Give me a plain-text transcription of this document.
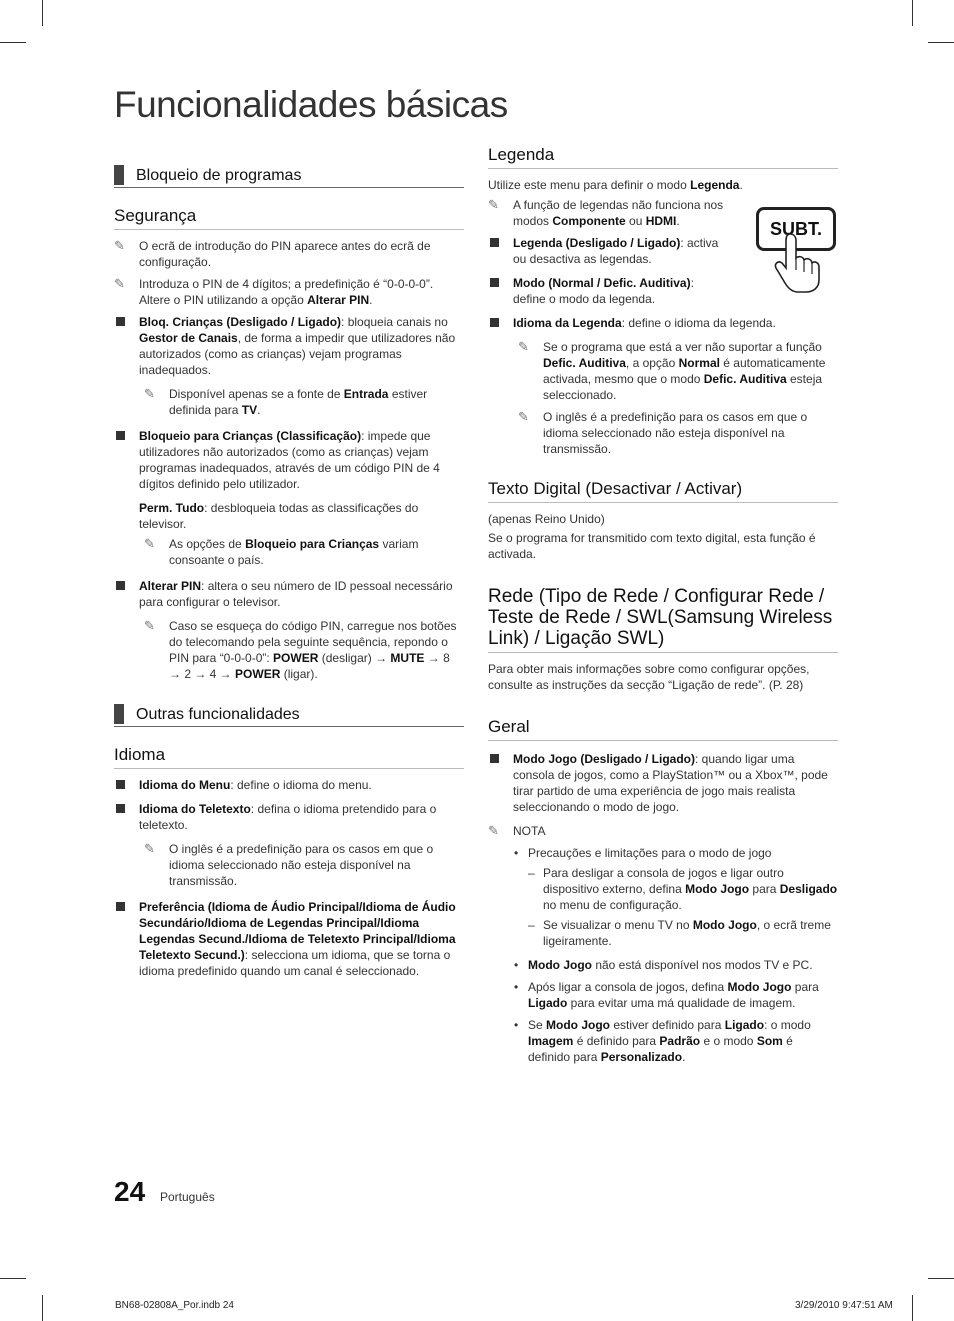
Funcionalidades básicas
Bloqueio de programas
Segurança
✎ O ecrã de introdução do PIN aparece antes do ecrã de configuração.
✎ Introduza o PIN de 4 dígitos; a predefinição é “0-0-0-0”. Altere o PIN utilizando a opção Alterar PIN.
Bloq. Crianças (Desligado / Ligado): bloqueia canais no Gestor de Canais, de forma a impedir que utilizadores não autorizados (como as crianças) vejam programas inadequados.
✎ Disponível apenas se a fonte de Entrada estiver definida para TV.
Bloqueio para Crianças (Classificação): impede que utilizadores não autorizados (como as crianças) vejam programas inadequados, através de um código PIN de 4 dígitos definido pelo utilizador.
Perm. Tudo: desbloqueia todas as classificações do televisor.
✎ As opções de Bloqueio para Crianças variam consoante o país.
Alterar PIN: altera o seu número de ID pessoal necessário para configurar o televisor.
✎ Caso se esqueça do código PIN, carregue nos botões do telecomando pela seguinte sequência, repondo o PIN para “0-0-0-0”: POWER (desligar) → MUTE → 8 → 2 → 4 → POWER (ligar).
Outras funcionalidades
Idioma
Idioma do Menu: define o idioma do menu.
Idioma do Teletexto: defina o idioma pretendido para o teletexto.
✎ O inglês é a predefinição para os casos em que o idioma seleccionado não esteja disponível na transmissão.
Preferência (Idioma de Áudio Principal/Idioma de Áudio Secundário/Idioma de Legendas Principal/Idioma Legendas Secund./Idioma de Teletexto Principal/Idioma Teletexto Secund.): selecciona um idioma, que se torna o idioma predefinido quando um canal é seleccionado.
Legenda
Utilize este menu para definir o modo Legenda.
✎ A função de legendas não funciona nos modos Componente ou HDMI.
Legenda (Desligado / Ligado): activa ou desactiva as legendas.
Modo (Normal / Defic. Auditiva): define o modo da legenda.
Idioma da Legenda: define o idioma da legenda.
✎ Se o programa que está a ver não suportar a função Defic. Auditiva, a opção Normal é automaticamente activada, mesmo que o modo Defic. Auditiva esteja seleccionado.
✎ O inglês é a predefinição para os casos em que o idioma seleccionado não esteja disponível na transmissão.
Texto Digital (Desactivar / Activar)
(apenas Reino Unido)
Se o programa for transmitido com texto digital, esta função é activada.
Rede (Tipo de Rede / Configurar Rede / Teste de Rede / SWL(Samsung Wireless Link) / Ligação SWL)
Para obter mais informações sobre como configurar opções, consulte as instruções da secção “Ligação de rede”. (P. 28)
Geral
Modo Jogo (Desligado / Ligado): quando ligar uma consola de jogos, como a PlayStation™ ou a Xbox™, pode tirar partido de uma experiência de jogo mais realista seleccionando o modo de jogo.
✎ NOTA
• Precauções e limitações para o modo de jogo
– Para desligar a consola de jogos e ligar outro dispositivo externo, defina Modo Jogo para Desligado no menu de configuração.
– Se visualizar o menu TV no Modo Jogo, o ecrã treme ligeiramente.
• Modo Jogo não está disponível nos modos TV e PC.
• Após ligar a consola de jogos, defina Modo Jogo para Ligado para evitar uma má qualidade de imagem.
• Se Modo Jogo estiver definido para Ligado: o modo Imagem é definido para Padrão e o modo Som é definido para Personalizado.
SUBT.
24 Português
BN68-02808A_Por.indb 24	3/29/2010 9:47:51 AM
